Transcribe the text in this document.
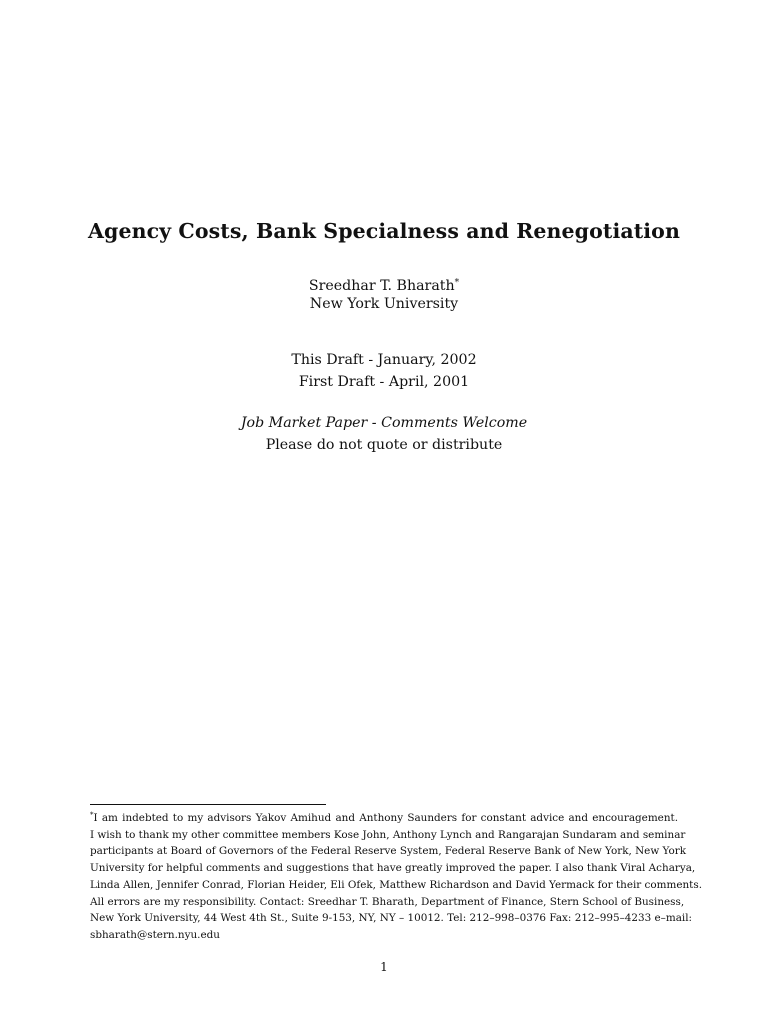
Agency Costs, Bank Specialness and Renegotiation
Sreedhar T. Bharath*
New York University
This Draft - January, 2002
First Draft - April, 2001
Job Market Paper - Comments Welcome
Please do not quote or distribute
*I am indebted to my advisors Yakov Amihud and Anthony Saunders for constant advice and encouragement.
I wish to thank my other committee members Kose John, Anthony Lynch and Rangarajan Sundaram and seminar
participants at Board of Governors of the Federal Reserve System, Federal Reserve Bank of New York, New York
University for helpful comments and suggestions that have greatly improved the paper. I also thank Viral Acharya,
Linda Allen, Jennifer Conrad, Florian Heider, Eli Ofek, Matthew Richardson and David Yermack for their comments.
All errors are my responsibility. Contact: Sreedhar T. Bharath, Department of Finance, Stern School of Business,
New York University, 44 West 4th St., Suite 9-153, NY, NY – 10012. Tel: 212–998–0376 Fax: 212–995–4233 e–mail:
sbharath@stern.nyu.edu
1
